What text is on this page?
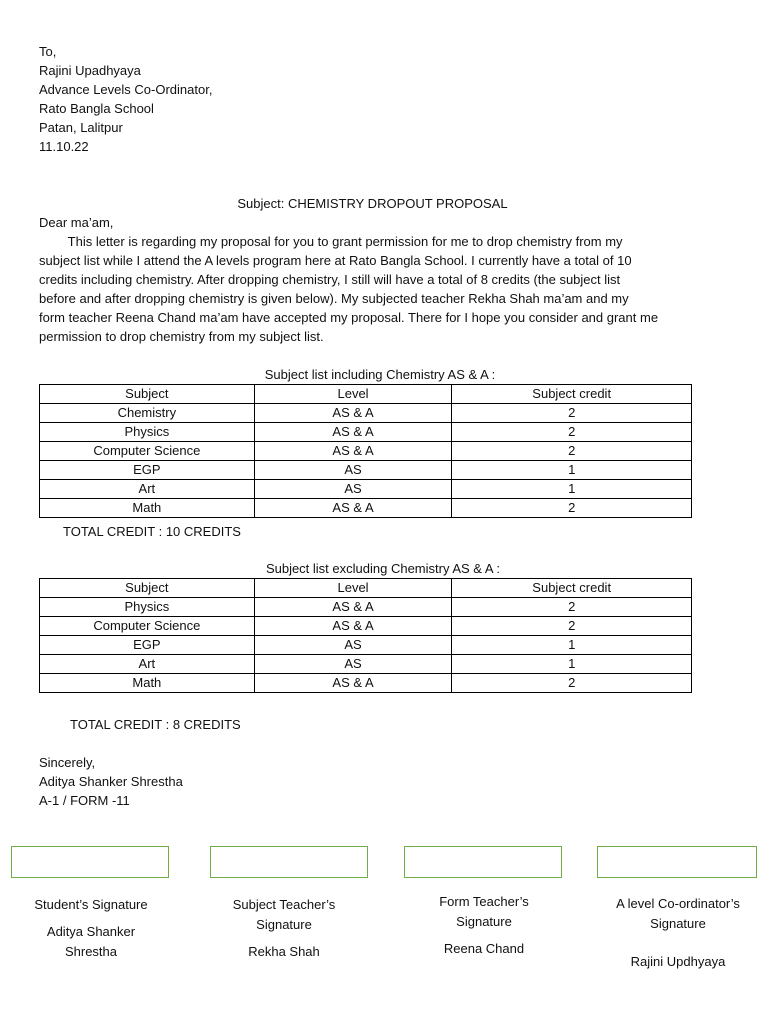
To,
Rajini Upadhyaya
Advance Levels Co-Ordinator,
Rato Bangla School
Patan, Lalitpur
11.10.22
Subject: CHEMISTRY DROPOUT PROPOSAL
Dear ma’am,
This letter is regarding my proposal for you to grant permission for me to drop chemistry from my
subject list while I attend the A levels program here at Rato Bangla School. I currently have a total of 10
credits including chemistry. After dropping chemistry, I still will have a total of 8 credits (the subject list
before and after dropping chemistry is given below). My subjected teacher Rekha Shah ma’am and my
form teacher Reena Chand ma’am have accepted my proposal. There for I hope you consider and grant me
permission to drop chemistry from my subject list.
Subject list including Chemistry AS & A :
Subject	Level	Subject credit
Chemistry	AS & A	2
Physics	AS & A	2
Computer Science	AS & A	2
EGP	AS	1
Art	AS	1
Math	AS & A	2
TOTAL CREDIT : 10 CREDITS
Subject list excluding Chemistry AS & A :
Subject	Level	Subject credit
Physics	AS & A	2
Computer Science	AS & A	2
EGP	AS	1
Art	AS	1
Math	AS & A	2
TOTAL CREDIT : 8 CREDITS
Sincerely,
Aditya Shanker Shrestha
A-1 / FORM -11
Student’s Signature
Aditya Shanker Shrestha
Subject Teacher’s Signature
Rekha Shah
Form Teacher’s Signature
Reena Chand
A level Co-ordinator’s Signature
Rajini Updhyaya
